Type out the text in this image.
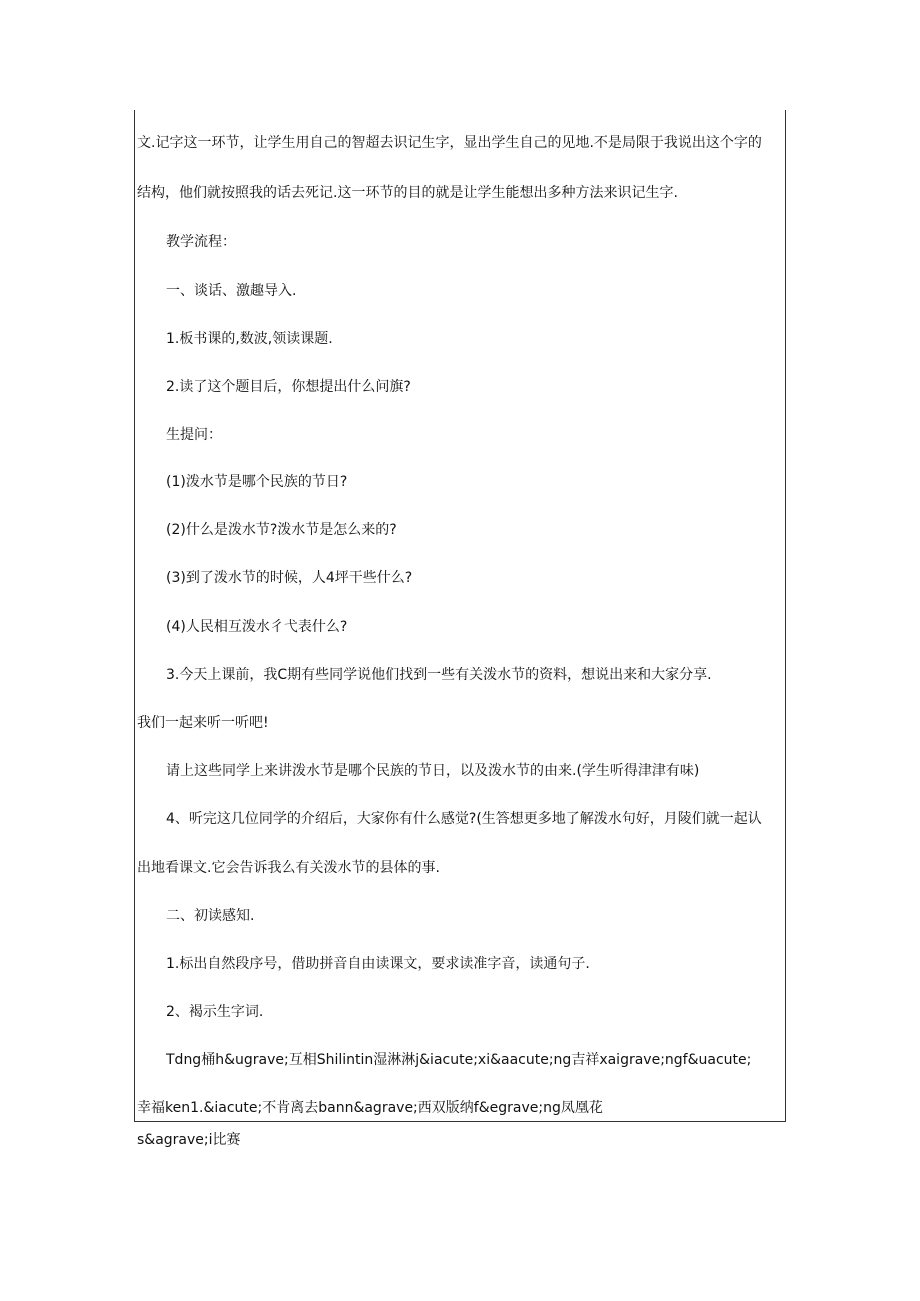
文.记字这一环节，让学生用自己的智超去识记生字，显出学生自己的见地.不是局限于我说出这个字的
结构，他们就按照我的话去死记.这一环节的目的就是让学生能想出多种方法来识记生字.
教学流程：
一、谈话、激趣导入.
1.板书课的,数波,领读课题.
2.读了这个题目后，你想提出什么问旗?
生提问：
(1)泼水节是哪个民族的节日?
(2)什么是泼水节?泼水节是怎么来的?
(3)到了泼水节的时候，人4坪干些什么?
(4)人民相互泼水彳弋表什么?
3.今天上课前，我C期有些同学说他们找到一些有关泼水节的资料，想说出来和大家分享.
我们一起来听一听吧!
请上这些同学上来讲泼水节是哪个民族的节日，以及泼水节的由来.(学生听得津津有味)
4、听完这几位同学的介绍后，大家你有什么感觉?(生答想更多地了解泼水句好，月陵们就一起认
出地看课文.它会告诉我么有关泼水节的县体的事.
二、初读感知.
1.标出自然段序号，借助拼音自由读课文，要求读准字音，读通句子.
2、褐示生字词.
Tdng桶h&ugrave;互相Shilintin湿淋淋j&iacute;xi&aacute;ng吉祥xaigrave;ngf&uacute;
幸福ken1.&iacute;不肯离去bann&agrave;西双版纳f&egrave;ng凤凰花
s&agrave;i比赛
